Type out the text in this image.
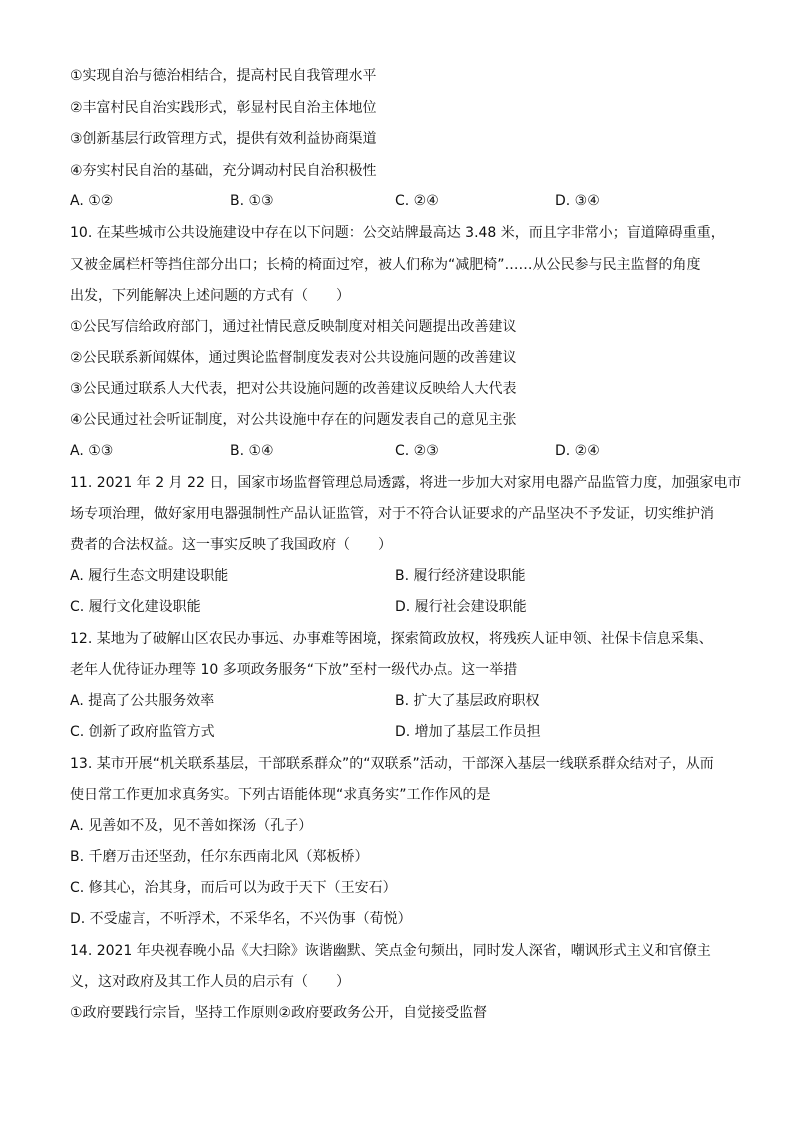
①实现自治与德治相结合，提高村民自我管理水平
②丰富村民自治实践形式，彰显村民自治主体地位
③创新基层行政管理方式，提供有效利益协商渠道
④夯实村民自治的基础，充分调动村民自治积极性
A. ①②	B. ①③	C. ②④	D. ③④
10. 在某些城市公共设施建设中存在以下问题：公交站牌最高达 3.48 米，而且字非常小；盲道障碍重重，
又被金属栏杆等挡住部分出口；长椅的椅面过窄，被人们称为“减肥椅”……从公民参与民主监督的角度
出发，下列能解决上述问题的方式有（　　）
①公民写信给政府部门，通过社情民意反映制度对相关问题提出改善建议
②公民联系新闻媒体，通过舆论监督制度发表对公共设施问题的改善建议
③公民通过联系人大代表，把对公共设施问题的改善建议反映给人大代表
④公民通过社会听证制度，对公共设施中存在的问题发表自己的意见主张
A. ①③	B. ①④	C. ②③	D. ②④
11. 2021 年 2 月 22 日，国家市场监督管理总局透露，将进一步加大对家用电器产品监管力度，加强家电市
场专项治理，做好家用电器强制性产品认证监管，对于不符合认证要求的产品坚决不予发证，切实维护消
费者的合法权益。这一事实反映了我国政府（　　）
A. 履行生态文明建设职能	B. 履行经济建设职能
C. 履行文化建设职能	D. 履行社会建设职能
12. 某地为了破解山区农民办事远、办事难等困境，探索简政放权，将残疾人证申领、社保卡信息采集、
老年人优待证办理等 10 多项政务服务“下放”至村一级代办点。这一举措
A. 提高了公共服务效率	B. 扩大了基层政府职权
C. 创新了政府监管方式	D. 增加了基层工作员担
13. 某市开展“机关联系基层，干部联系群众”的“双联系”活动，干部深入基层一线联系群众结对子，从而
使日常工作更加求真务实。下列古语能体现“求真务实”工作作风的是
A. 见善如不及，见不善如探汤（孔子）
B. 千磨万击还坚劲，任尔东西南北风（郑板桥）
C. 修其心，治其身，而后可以为政于天下（王安石）
D. 不受虚言，不听浮术，不采华名，不兴伪事（荀悦）
14. 2021 年央视春晚小品《大扫除》诙谐幽默、笑点金句频出，同时发人深省，嘲讽形式主义和官僚主
义，这对政府及其工作人员的启示有（　　）
①政府要践行宗旨，坚持工作原则②政府要政务公开，自觉接受监督
